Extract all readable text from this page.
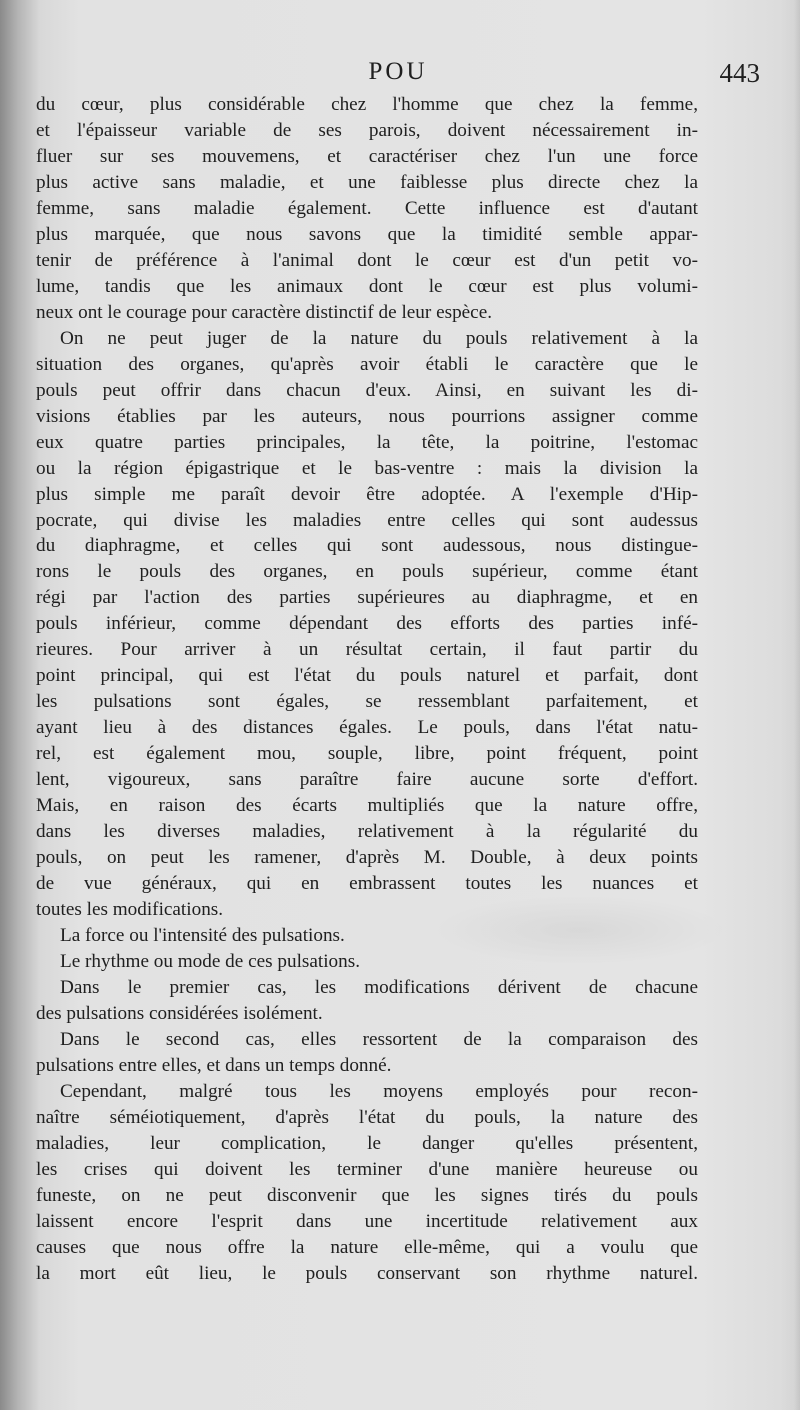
POU	443
du cœur, plus considérable chez l'homme que chez la femme,
et l'épaisseur variable de ses parois, doivent nécessairement in-
fluer sur ses mouvemens, et caractériser chez l'un une force
plus active sans maladie, et une faiblesse plus directe chez la
femme, sans maladie également. Cette influence est d'autant
plus marquée, que nous savons que la timidité semble appar-
tenir de préférence à l'animal dont le cœur est d'un petit vo-
lume, tandis que les animaux dont le cœur est plus volumi-
neux ont le courage pour caractère distinctif de leur espèce.
On ne peut juger de la nature du pouls relativement à la
situation des organes, qu'après avoir établi le caractère que le
pouls peut offrir dans chacun d'eux. Ainsi, en suivant les di-
visions établies par les auteurs, nous pourrions assigner comme
eux quatre parties principales, la tête, la poitrine, l'estomac
ou la région épigastrique et le bas-ventre : mais la division la
plus simple me paraît devoir être adoptée. A l'exemple d'Hip-
pocrate, qui divise les maladies entre celles qui sont audessus
du diaphragme, et celles qui sont audessous, nous distingue-
rons le pouls des organes, en pouls supérieur, comme étant
régi par l'action des parties supérieures au diaphragme, et en
pouls inférieur, comme dépendant des efforts des parties infé-
rieures. Pour arriver à un résultat certain, il faut partir du
point principal, qui est l'état du pouls naturel et parfait, dont
les pulsations sont égales, se ressemblant parfaitement, et
ayant lieu à des distances égales. Le pouls, dans l'état natu-
rel, est également mou, souple, libre, point fréquent, point
lent, vigoureux, sans paraître faire aucune sorte d'effort.
Mais, en raison des écarts multipliés que la nature offre,
dans les diverses maladies, relativement à la régularité du
pouls, on peut les ramener, d'après M. Double, à deux points
de vue généraux, qui en embrassent toutes les nuances et
toutes les modifications.
La force ou l'intensité des pulsations.
Le rhythme ou mode de ces pulsations.
Dans le premier cas, les modifications dérivent de chacune
des pulsations considérées isolément.
Dans le second cas, elles ressortent de la comparaison des
pulsations entre elles, et dans un temps donné.
Cependant, malgré tous les moyens employés pour recon-
naître séméiotiquement, d'après l'état du pouls, la nature des
maladies, leur complication, le danger qu'elles présentent,
les crises qui doivent les terminer d'une manière heureuse ou
funeste, on ne peut disconvenir que les signes tirés du pouls
laissent encore l'esprit dans une incertitude relativement aux
causes que nous offre la nature elle-même, qui a voulu que
la mort eût lieu, le pouls conservant son rhythme naturel.
